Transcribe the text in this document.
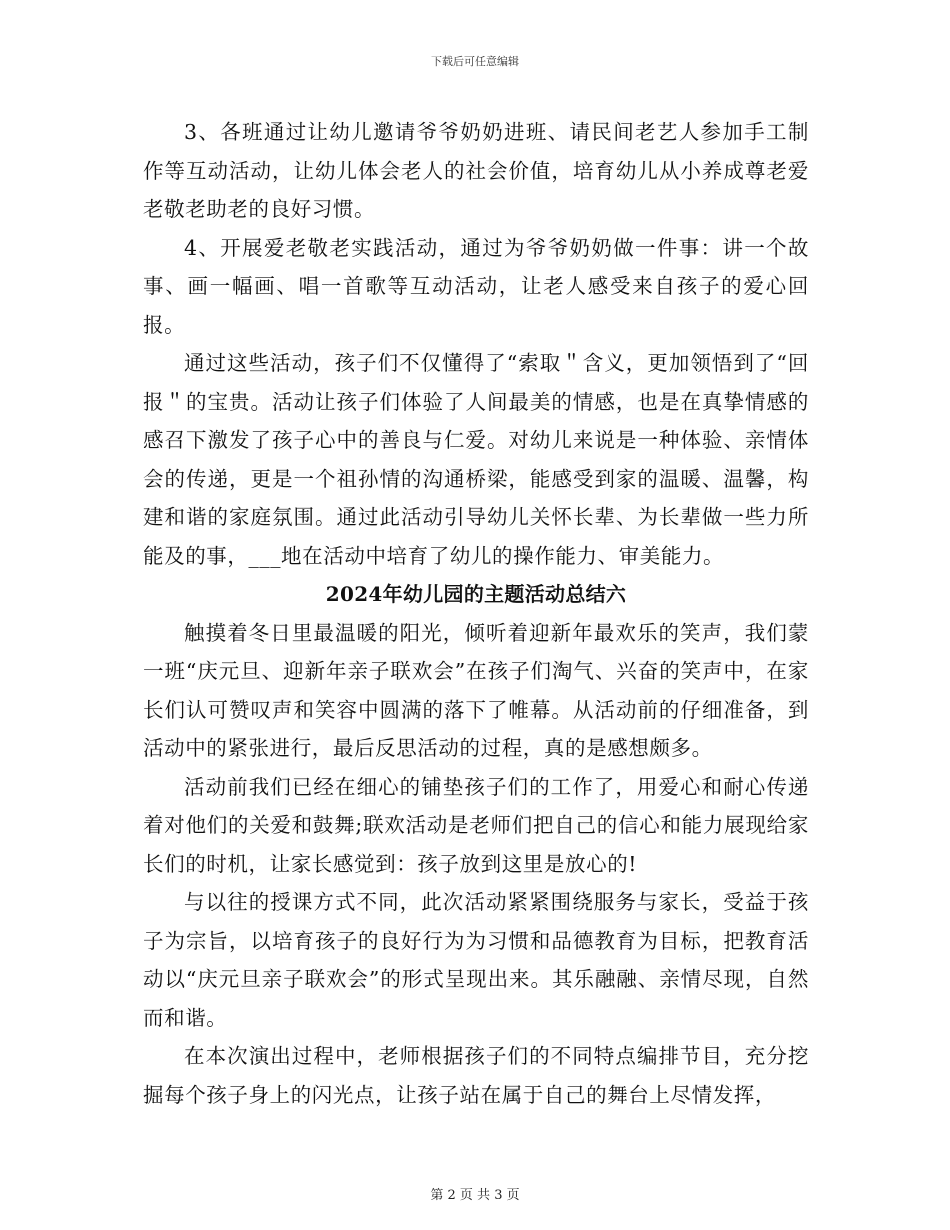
下载后可任意编辑

3、各班通过让幼儿邀请爷爷奶奶进班、请民间老艺人参加手工制作等互动活动，让幼儿体会老人的社会价值，培育幼儿从小养成尊老爱老敬老助老的良好习惯。

4、开展爱老敬老实践活动，通过为爷爷奶奶做一件事：讲一个故事、画一幅画、唱一首歌等互动活动，让老人感受来自孩子的爱心回报。

通过这些活动，孩子们不仅懂得了“索取＂含义，更加领悟到了“回报＂的宝贵。活动让孩子们体验了人间最美的情感，也是在真挚情感的感召下激发了孩子心中的善良与仁爱。对幼儿来说是一种体验、亲情体会的传递，更是一个祖孙情的沟通桥梁，能感受到家的温暖、温馨，构建和谐的家庭氛围。通过此活动引导幼儿关怀长辈、为长辈做一些力所能及的事，___地在活动中培育了幼儿的操作能力、审美能力。

2024年幼儿园的主题活动总结六

触摸着冬日里最温暖的阳光，倾听着迎新年最欢乐的笑声，我们蒙一班“庆元旦、迎新年亲子联欢会”在孩子们淘气、兴奋的笑声中，在家长们认可赞叹声和笑容中圆满的落下了帷幕。从活动前的仔细准备，到活动中的紧张进行，最后反思活动的过程，真的是感想颇多。

活动前我们已经在细心的铺垫孩子们的工作了，用爱心和耐心传递着对他们的关爱和鼓舞;联欢活动是老师们把自己的信心和能力展现给家长们的时机，让家长感觉到：孩子放到这里是放心的!

与以往的授课方式不同，此次活动紧紧围绕服务与家长，受益于孩子为宗旨，以培育孩子的良好行为为习惯和品德教育为目标，把教育活动以“庆元旦亲子联欢会”的形式呈现出来。其乐融融、亲情尽现，自然而和谐。

在本次演出过程中，老师根据孩子们的不同特点编排节目，充分挖掘每个孩子身上的闪光点，让孩子站在属于自己的舞台上尽情发挥，

第 2 页 共 3 页
